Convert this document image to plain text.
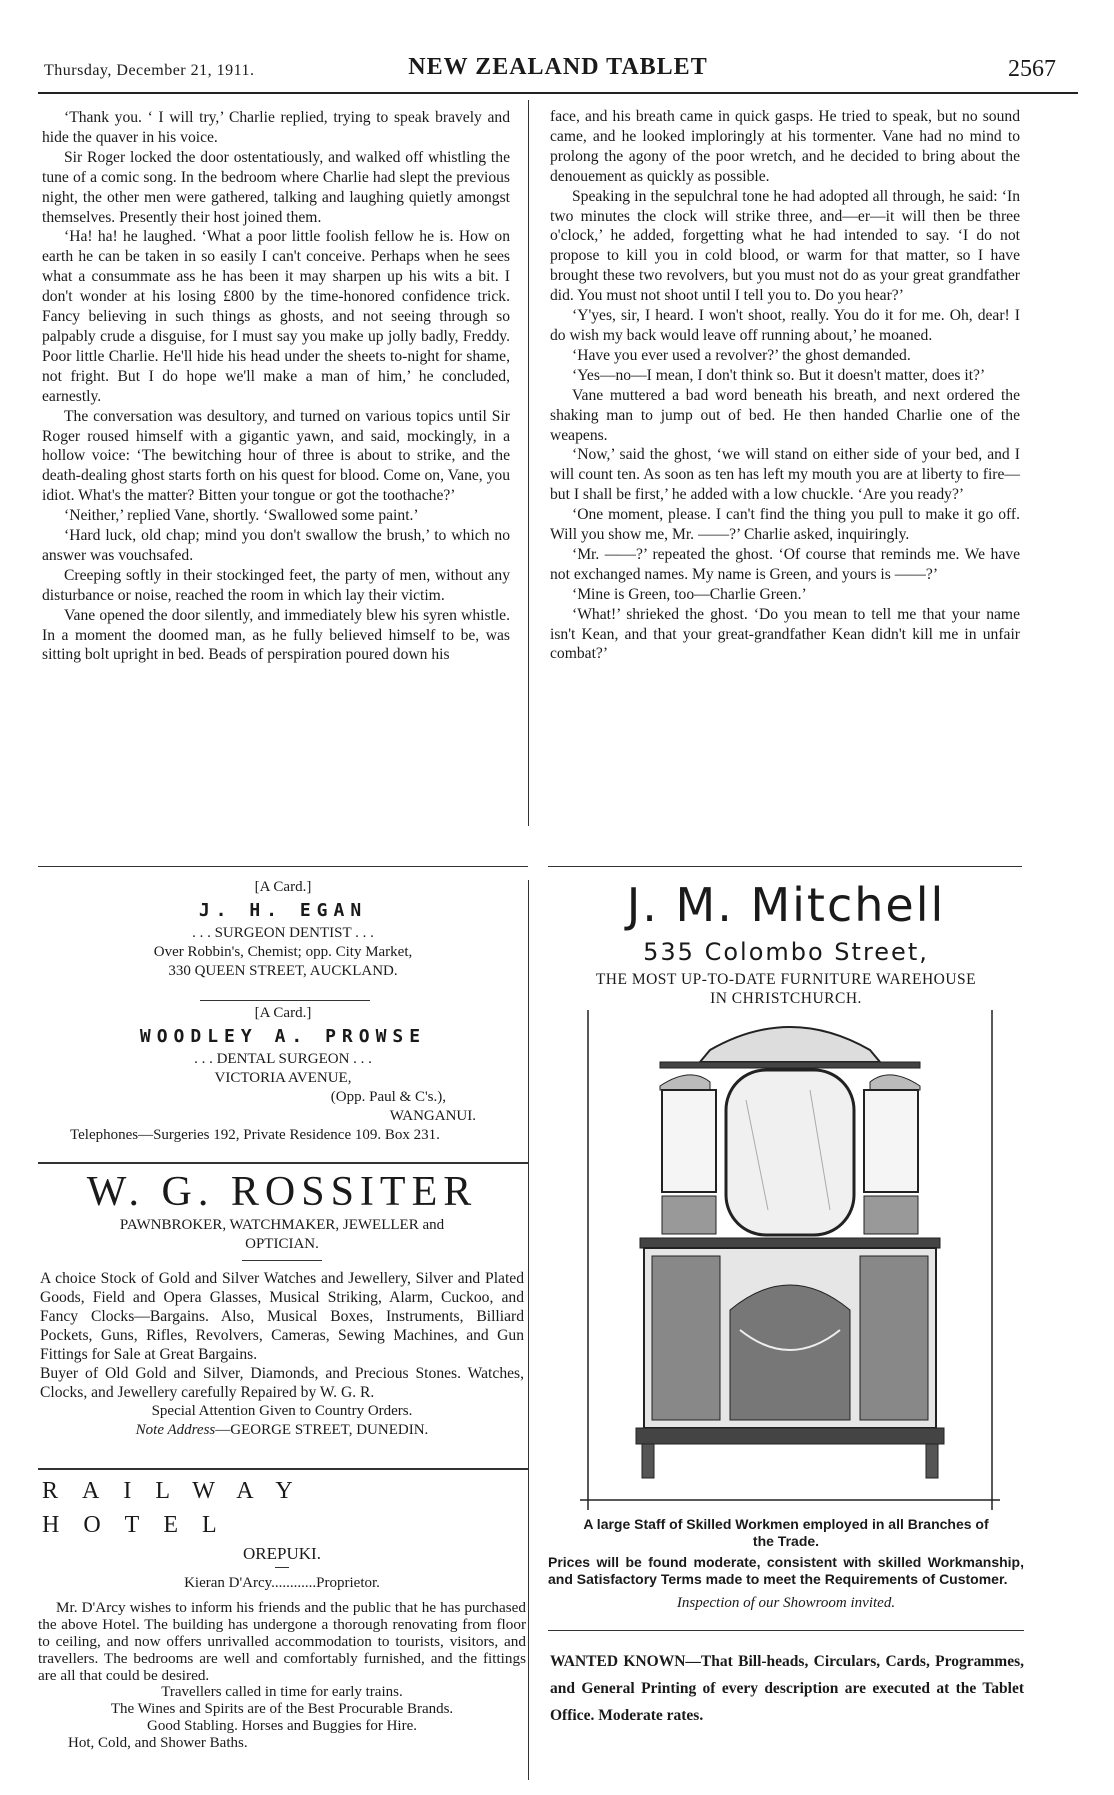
Thursday, December 21, 1911.	NEW ZEALAND TABLET	2567

‘Thank you. ‘ I will try,’ Charlie replied, trying to speak bravely and hide the quaver in his voice.

Sir Roger locked the door ostentatiously, and walked off whistling the tune of a comic song. In the bedroom where Charlie had slept the previous night, the other men were gathered, talking and laughing quietly amongst themselves. Presently their host joined them.

‘Ha! ha! he laughed. ‘What a poor little foolish fellow he is. How on earth he can be taken in so easily I can't conceive. Perhaps when he sees what a consummate ass he has been it may sharpen up his wits a bit. I don't wonder at his losing £800 by the time-honored confidence trick. Fancy believing in such things as ghosts, and not seeing through so palpably crude a disguise, for I must say you make up jolly badly, Freddy. Poor little Charlie. He'll hide his head under the sheets to-night for shame, not fright. But I do hope we'll make a man of him,’ he concluded, earnestly.

The conversation was desultory, and turned on various topics until Sir Roger roused himself with a gigantic yawn, and said, mockingly, in a hollow voice: ‘The bewitching hour of three is about to strike, and the death-dealing ghost starts forth on his quest for blood. Come on, Vane, you idiot. What's the matter? Bitten your tongue or got the toothache?’

‘Neither,’ replied Vane, shortly. ‘Swallowed some paint.’

‘Hard luck, old chap; mind you don't swallow the brush,’ to which no answer was vouchsafed.

Creeping softly in their stockinged feet, the party of men, without any disturbance or noise, reached the room in which lay their victim.

Vane opened the door silently, and immediately blew his syren whistle. In a moment the doomed man, as he fully believed himself to be, was sitting bolt upright in bed. Beads of perspiration poured down his

face, and his breath came in quick gasps. He tried to speak, but no sound came, and he looked imploringly at his tormenter. Vane had no mind to prolong the agony of the poor wretch, and he decided to bring about the denouement as quickly as possible.

Speaking in the sepulchral tone he had adopted all through, he said: ‘In two minutes the clock will strike three, and—er—it will then be three o'clock,’ he added, forgetting what he had intended to say. ‘I do not propose to kill you in cold blood, or warm for that matter, so I have brought these two revolvers, but you must not do as your great grandfather did. You must not shoot until I tell you to. Do you hear?’

‘Y'yes, sir, I heard. I won't shoot, really. You do it for me. Oh, dear! I do wish my back would leave off running about,’ he moaned.

‘Have you ever used a revolver?’ the ghost demanded.

‘Yes—no—I mean, I don't think so. But it doesn't matter, does it?’

Vane muttered a bad word beneath his breath, and next ordered the shaking man to jump out of bed. He then handed Charlie one of the weapens.

‘Now,’ said the ghost, ‘we will stand on either side of your bed, and I will count ten. As soon as ten has left my mouth you are at liberty to fire—but I shall be first,’ he added with a low chuckle. ‘Are you ready?’

‘One moment, please. I can't find the thing you pull to make it go off. Will you show me, Mr. ——?’ Charlie asked, inquiringly.

‘Mr. ——?’ repeated the ghost. ‘Of course that reminds me. We have not exchanged names. My name is Green, and yours is ——?’

‘Mine is Green, too—Charlie Green.’

‘What!’ shrieked the ghost. ‘Do you mean to tell me that your name isn't Kean, and that your great-grandfather Kean didn't kill me in unfair combat?’

[A Card.]
J. H. EGAN
. . . SURGEON DENTIST . . .
Over Robbin's, Chemist; opp. City Market,
330 QUEEN STREET, AUCKLAND.
[A Card.]
WOODLEY A. PROWSE
. . . DENTAL SURGEON . . .
VICTORIA AVENUE,
(Opp. Paul & C's.),
WANGANUI.
Telephones—Surgeries 192, Private Residence 109. Box 231.
W. G. ROSSITER
PAWNBROKER, WATCHMAKER, JEWELLER and
OPTICIAN.

A choice Stock of Gold and Silver Watches and Jewellery, Silver and Plated Goods, Field and Opera Glasses, Musical Striking, Alarm, Cuckoo, and Fancy Clocks—Bargains. Also, Musical Boxes, Instruments, Billiard Pockets, Guns, Rifles, Revolvers, Cameras, Sewing Machines, and Gun Fittings for Sale at Great Bargains.

Buyer of Old Gold and Silver, Diamonds, and Precious Stones. Watches, Clocks, and Jewellery carefully Repaired by W. G. R.

Special Attention Given to Country Orders.
Note Address—GEORGE STREET, DUNEDIN.
RAILWAY HOTEL
OREPUKI.
Kieran D'Arcy............Proprietor.

Mr. D'Arcy wishes to inform his friends and the public that he has purchased the above Hotel. The building has undergone a thorough renovating from floor to ceiling, and now offers unrivalled accommodation to tourists, visitors, and travellers. The bedrooms are well and comfortably furnished, and the fittings are all that could be desired.

Travellers called in time for early trains.
The Wines and Spirits are of the Best Procurable Brands.
Good Stabling. Horses and Buggies for Hire.
Hot, Cold, and Shower Baths.
J. M. Mitchell
535 Colombo Street,
THE MOST UP-TO-DATE FURNITURE WAREHOUSE
IN CHRISTCHURCH.
A large Staff of Skilled Workmen employed in all Branches of the Trade.
Prices will be found moderate, consistent with skilled Workmanship, and Satisfactory Terms made to meet the Requirements of Customer.
Inspection of our Showroom invited.
WANTED KNOWN—That Bill-heads, Circulars, Cards, Programmes, and General Printing of every description are executed at the Tablet Office. Moderate rates.
